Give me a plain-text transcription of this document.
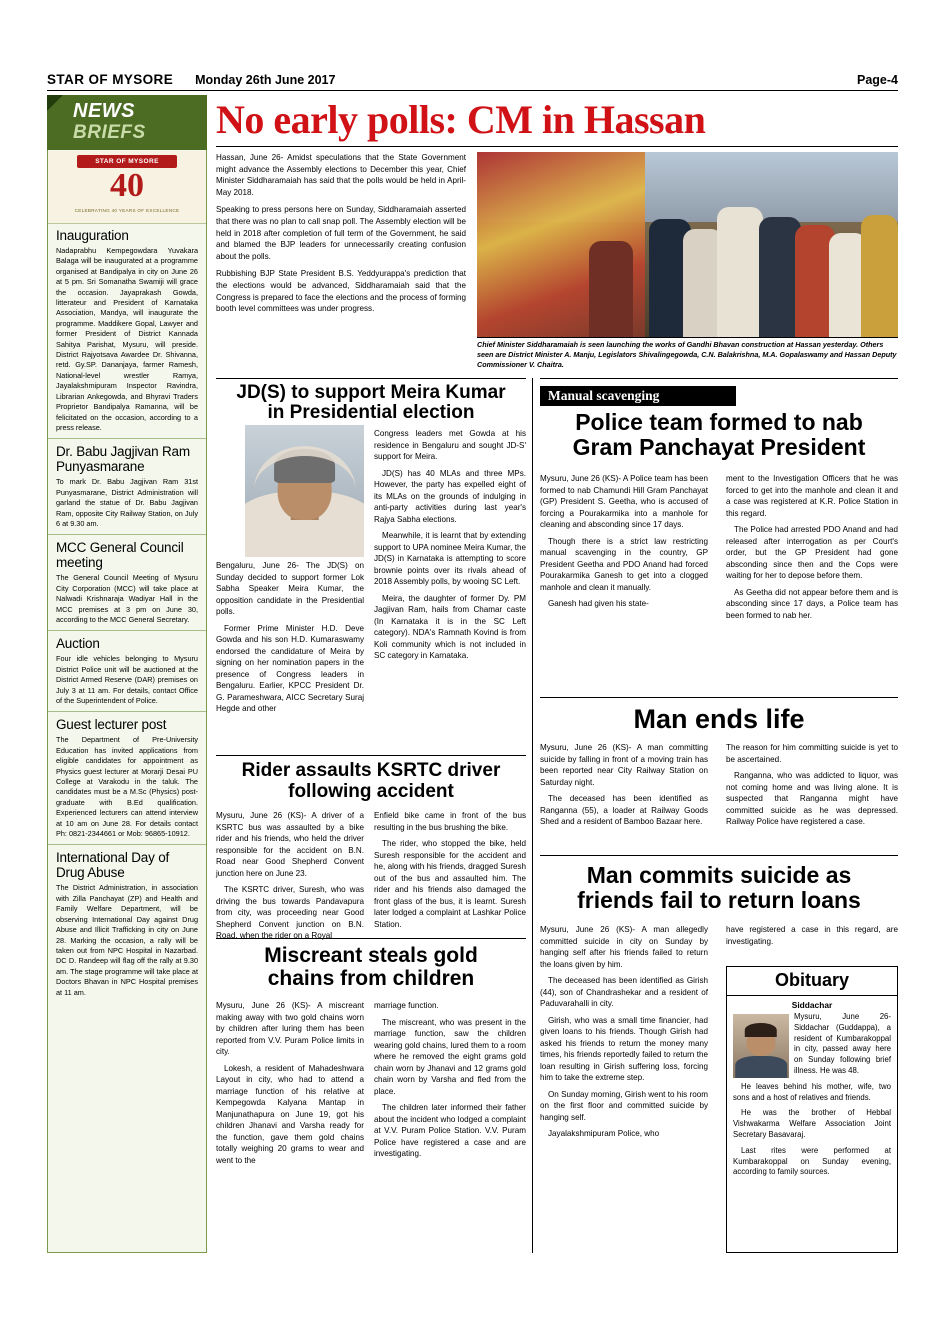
STAR OF MYSORE Monday 26th June 2017	Page-4
NEWS
BRIEFS
STAR OF MYSORE
40
CELEBRATING 40 YEARS OF EXCELLENCE
Inauguration

Nadaprabhu Kempegowdara Yuvakara Balaga will be inaugurated at a programme organised at Bandipalya in city on June 26 at 5 pm. Sri Somanatha Swamiji will grace the occasion. Jayaprakash Gowda, litterateur and President of Karnataka Association, Mandya, will inaugurate the programme. Maddikere Gopal, Lawyer and former President of District Kannada Sahitya Parishat, Mysuru, will preside. District Rajyotsava Awardee Dr. Shivanna, retd. Gy.SP. Dananjaya, farmer Ramesh, National-level wrestler Ramya, Jayalakshmipuram Inspector Ravindra, Librarian Ankegowda, and Bhyravi Traders Proprietor Bandipalya Ramanna, will be felicitated on the occasion, according to a press release.

Dr. Babu Jagjivan Ram Punyasmarane

To mark Dr. Babu Jagjivan Ram 31st Punyasmarane, District Administration will garland the statue of Dr. Babu Jagjivan Ram, opposite City Railway Station, on July 6 at 9.30 am.

MCC General Council meeting

The General Council Meeting of Mysuru City Corporation (MCC) will take place at Nalwadi Krishnaraja Wadiyar Hall in the MCC premises at 3 pm on June 30, according to the MCC General Secretary.

Auction

Four idle vehicles belonging to Mysuru District Police unit will be auctioned at the District Armed Reserve (DAR) premises on July 3 at 11 am. For details, contact Office of the Superintendent of Police.

Guest lecturer post

The Department of Pre-University Education has invited applications from eligible candidates for appointment as Physics guest lecturer at Morarji Desai PU College at Varakodu in the taluk. The candidates must be a M.Sc (Physics) post-graduate with B.Ed qualification. Experienced lecturers can attend interview at 10 am on June 28. For details contact Ph: 0821-2344661 or Mob: 96865-10912.

International Day of Drug Abuse

The District Administration, in association with Zilla Panchayat (ZP) and Health and Family Welfare Department, will be observing International Day against Drug Abuse and Illicit Trafficking in city on June 28. Marking the occasion, a rally will be taken out from NPC Hospital in Nazarbad. DC D. Randeep will flag off the rally at 9.30 am. The stage programme will take place at Doctors Bhavan in NPC Hospital premises at 11 am.

No early polls: CM in Hassan

Hassan, June 26- Amidst speculations that the State Government might advance the Assembly elections to December this year, Chief Minister Siddharamaiah has said that the polls would be held in April-May 2018.

Speaking to press persons here on Sunday, Siddharamaiah asserted that there was no plan to call snap poll. The Assembly election will be held in 2018 after completion of full term of the Government, he said and blamed the BJP leaders for unnecessarily creating confusion about the polls.

Rubbishing BJP State President B.S. Yeddyurappa's prediction that the elections would be advanced, Siddharamaiah said that the Congress is prepared to face the elections and the process of forming booth level committees was under progress.

Chief Minister Siddharamaiah is seen launching the works of Gandhi Bhavan construction at Hassan yesterday. Others seen are District Minister A. Manju, Legislators Shivalingegowda, C.N. Balakrishna, M.A. Gopalaswamy and Hassan Deputy Commissioner V. Chaitra.
JD(S) to support Meira Kumar
in Presidential election

Bengaluru, June 26- The JD(S) on Sunday decided to support former Lok Sabha Speaker Meira Kumar, the opposition candidate in the Presidential polls.

Former Prime Minister H.D. Deve Gowda and his son H.D. Kumaraswamy endorsed the candidature of Meira by signing on her nomination papers in the presence of Congress leaders in Bengaluru. Earlier, KPCC President Dr. G. Parameshwara, AICC Secretary Suraj Hegde and other

Congress leaders met Gowda at his residence in Bengaluru and sought JD-S' support for Meira.

JD(S) has 40 MLAs and three MPs. However, the party has expelled eight of its MLAs on the grounds of indulging in anti-party activities during last year's Rajya Sabha elections.

Meanwhile, it is learnt that by extending support to UPA nominee Meira Kumar, the JD(S) in Karnataka is attempting to score brownie points over its rivals ahead of 2018 Assembly polls, by wooing SC Left.

Meira, the daughter of former Dy. PM Jagjivan Ram, hails from Chamar caste (In Karnataka it is in the SC Left category). NDA's Ramnath Kovind is from Koli community which is not included in SC category in Karnataka.

Manual scavenging
Police team formed to nab
Gram Panchayat President

Mysuru, June 26 (KS)- A Police team has been formed to nab Chamundi Hill Gram Panchayat (GP) President S. Geetha, who is accused of forcing a Pourakarmika into a manhole for cleaning and absconding since 17 days.

Though there is a strict law restricting manual scavenging in the country, GP President Geetha and PDO Anand had forced Pourakarmika Ganesh to get into a clogged manhole and clean it manually.

Ganesh had given his state-

ment to the Investigation Officers that he was forced to get into the manhole and clean it and a case was registered at K.R. Police Station in this regard.

The Police had arrested PDO Anand and had released after interrogation as per Court's order, but the GP President had gone absconding since then and the Cops were waiting for her to depose before them.

As Geetha did not appear before them and is absconding since 17 days, a Police team has been formed to nab her.

Man ends life

Mysuru, June 26 (KS)- A man committing suicide by falling in front of a moving train has been reported near City Railway Station on Saturday night.

The deceased has been identified as Ranganna (55), a loader at Railway Goods Shed and a resident of Bamboo Bazaar here.

The reason for him committing suicide is yet to be ascertained.

Ranganna, who was addicted to liquor, was not coming home and was living alone. It is suspected that Ranganna might have committed suicide as he was depressed. Railway Police have registered a case.

Rider assaults KSRTC driver
following accident

Mysuru, June 26 (KS)- A driver of a KSRTC bus was assaulted by a bike rider and his friends, who held the driver responsible for the accident on B.N. Road near Good Shepherd Convent junction here on June 23.

The KSRTC driver, Suresh, who was driving the bus towards Pandavapura from city, was proceeding near Good Shepherd Convent junction on B.N. Road, when the rider on a Royal

Enfield bike came in front of the bus resulting in the bus brushing the bike.

The rider, who stopped the bike, held Suresh responsible for the accident and he, along with his friends, dragged Suresh out of the bus and assaulted him. The rider and his friends also damaged the front glass of the bus, it is learnt. Suresh later lodged a complaint at Lashkar Police Station.

Man commits suicide as
friends fail to return loans

Mysuru, June 26 (KS)- A man allegedly committed suicide in city on Sunday by hanging self after his friends failed to return the loans given by him.

The deceased has been identified as Girish (44), son of Chandrashekar and a resident of Paduvarahalli in city.

Girish, who was a small time financier, had given loans to his friends. Though Girish had asked his friends to return the money many times, his friends reportedly failed to return the loan resulting in Girish suffering loss, forcing him to take the extreme step.

On Sunday morning, Girish went to his room on the first floor and committed suicide by hanging self.

Jayalakshmipuram Police, who

have registered a case in this regard, are investigating.

Miscreant steals gold
chains from children

Mysuru, June 26 (KS)- A miscreant making away with two gold chains worn by children after luring them has been reported from V.V. Puram Police limits in city.

Lokesh, a resident of Mahadeshwara Layout in city, who had to attend a marriage function of his relative at Kempegowda Kalyana Mantap in Manjunathapura on June 19, got his children Jhanavi and Varsha ready for the function, gave them gold chains totally weighing 20 grams to wear and went to the

marriage function.

The miscreant, who was present in the marriage function, saw the children wearing gold chains, lured them to a room where he removed the eight grams gold chain worn by Jhanavi and 12 grams gold chain worn by Varsha and fled from the place.

The children later informed their father about the incident who lodged a complaint at V.V. Puram Police Station. V.V. Puram Police have registered a case and are investigating.

Obituary
Siddachar

Mysuru, June 26- Siddachar (Guddappa), a resident of Kumbarakoppal in city, passed away here on Sunday following brief illness. He was 48.

He leaves behind his mother, wife, two sons and a host of relatives and friends.

He was the brother of Hebbal Vishwakarma Welfare Association Joint Secretary Basavaraj.

Last rites were performed at Kumbarakoppal on Sunday evening, according to family sources.
